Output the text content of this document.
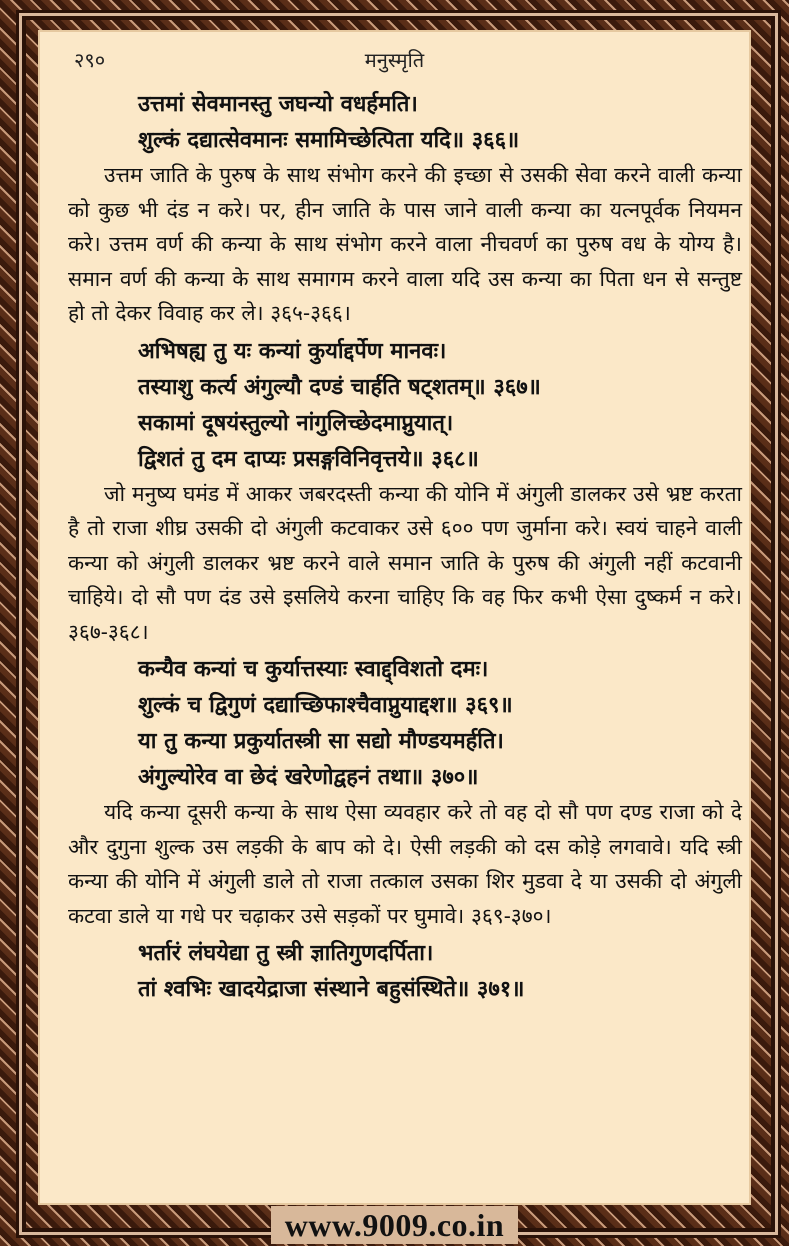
२९०	मनुस्मृति
उत्तमां सेवमानस्तु जघन्यो वधर्हमति।
शुल्कं दद्यात्सेवमानः समामिच्छेत्पिता यदि॥ ३६६॥
उत्तम जाति के पुरुष के साथ संभोग करने की इच्छा से उसकी सेवा करने वाली कन्या को कुछ भी दंड न करे। पर, हीन जाति के पास जाने वाली कन्या का यत्नपूर्वक नियमन करे। उत्तम वर्ण की कन्या के साथ संभोग करने वाला नीचवर्ण का पुरुष वध के योग्य है। समान वर्ण की कन्या के साथ समागम करने वाला यदि उस कन्या का पिता धन से सन्तुष्ट हो तो देकर विवाह कर ले। ३६५-३६६।
अभिषह्य तु यः कन्यां कुर्याद्दर्पेण मानवः।
तस्याशु कर्त्य अंगुल्यौ दण्डं चार्हति षट्शतम्॥ ३६७॥
सकामां दूषयंस्तुल्यो नांगुलिच्छेदमाप्नुयात्।
द्विशतं तु दम दाप्यः प्रसङ्गविनिवृत्तये॥ ३६८॥
जो मनुष्य घमंड में आकर जबरदस्ती कन्या की योनि में अंगुली डालकर उसे भ्रष्ट करता है तो राजा शीघ्र उसकी दो अंगुली कटवाकर उसे ६०० पण जुर्माना करे। स्वयं चाहने वाली कन्या को अंगुली डालकर भ्रष्ट करने वाले समान जाति के पुरुष की अंगुली नहीं कटवानी चाहिये। दो सौ पण दंड उसे इसलिये करना चाहिए कि वह फिर कभी ऐसा दुष्कर्म न करे। ३६७-३६८।
कन्यैव कन्यां च कुर्यात्तस्याः स्वाद्द्विशतो दमः।
शुल्कं च द्विगुणं दद्याच्छिफाश्चैवाप्नुयाद्दश॥ ३६९॥
या तु कन्या प्रकुर्यातस्त्री सा सद्यो मौण्डयमर्हति।
अंगुल्योरेव वा छेदं खरेणोद्वहनं तथा॥ ३७०॥
यदि कन्या दूसरी कन्या के साथ ऐसा व्यवहार करे तो वह दो सौ पण दण्ड राजा को दे और दुगुना शुल्क उस लड़की के बाप को दे। ऐसी लड़की को दस कोड़े लगवावे। यदि स्त्री कन्या की योनि में अंगुली डाले तो राजा तत्काल उसका शिर मुडवा दे या उसकी दो अंगुली कटवा डाले या गधे पर चढ़ाकर उसे सड़कों पर घुमावे। ३६९-३७०।
भर्तारं लंघयेद्या तु स्त्री ज्ञातिगुणदर्पिता।
तां श्वभिः खादयेद्राजा संस्थाने बहुसंस्थिते॥ ३७१॥
www.9009.co.in
